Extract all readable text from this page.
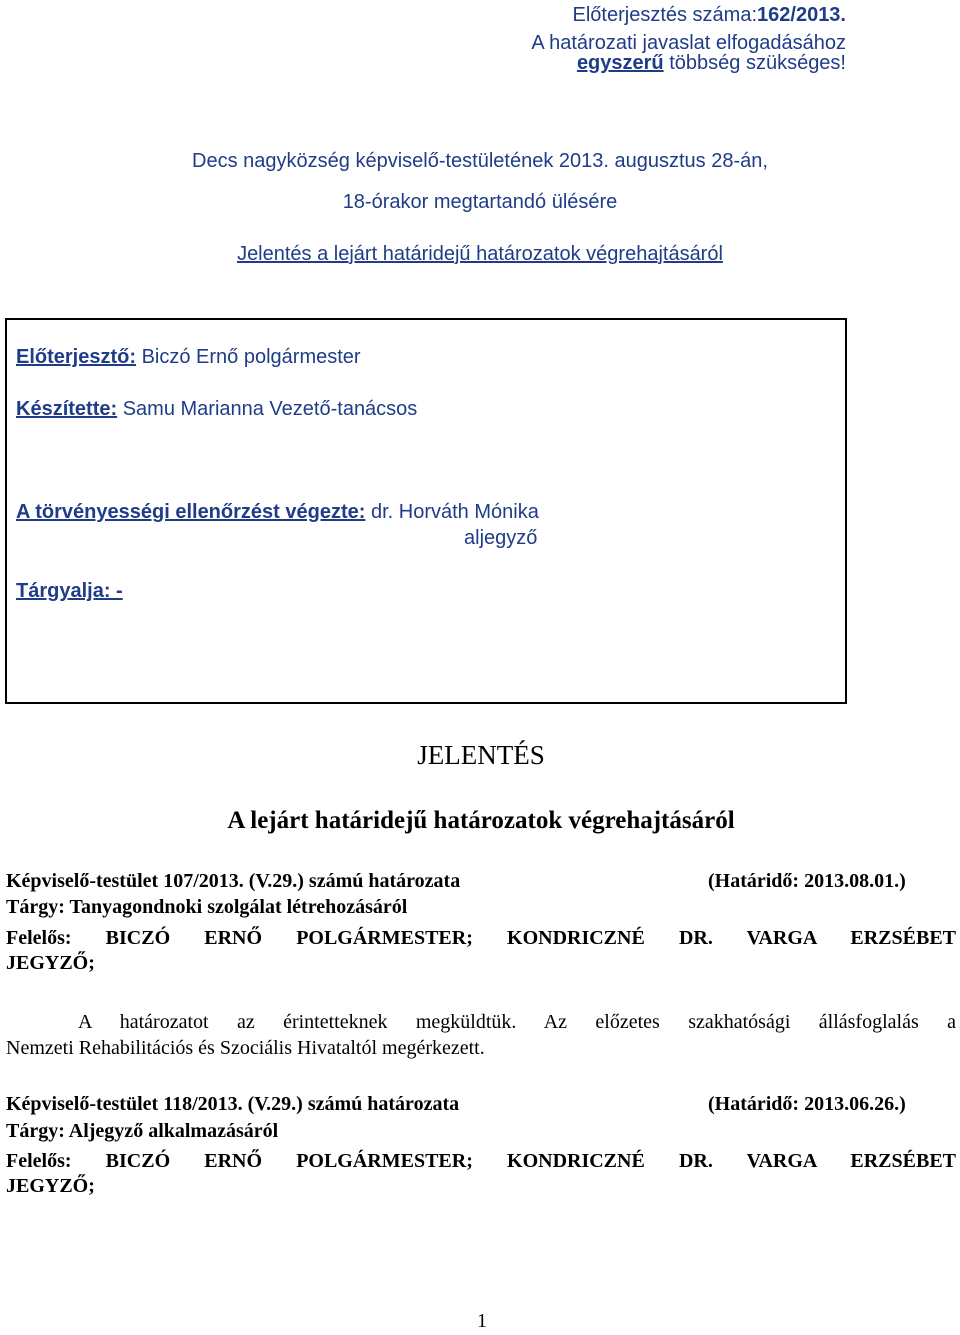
Előterjesztés száma:162/2013.
A határozati javaslat elfogadásához
egyszerű többség szükséges!
Decs nagyközség képviselő-testületének 2013. augusztus 28-án,
18-órakor megtartandó ülésére
Jelentés a lejárt határidejű határozatok végrehajtásáról
Előterjesztő: Biczó Ernő polgármester
Készítette: Samu Marianna Vezető-tanácsos
A törvényességi ellenőrzést végezte: dr. Horváth Mónika
aljegyző
Tárgyalja: -
JELENTÉS
A lejárt határidejű határozatok végrehajtásáról
Képviselő-testület 107/2013. (V.29.) számú határozata	(Határidő: 2013.08.01.)
Tárgy: Tanyagondnoki szolgálat létrehozásáról
Felelős: BICZÓ ERNŐ POLGÁRMESTER; KONDRICZNÉ DR. VARGA ERZSÉBET
JEGYZŐ;
A határozatot az érintetteknek megküldtük. Az előzetes szakhatósági állásfoglalás a
Nemzeti Rehabilitációs és Szociális Hivataltól megérkezett.
Képviselő-testület 118/2013. (V.29.) számú határozata	(Határidő: 2013.06.26.)
Tárgy: Aljegyző alkalmazásáról
Felelős: BICZÓ ERNŐ POLGÁRMESTER; KONDRICZNÉ DR. VARGA ERZSÉBET
JEGYZŐ;
1
